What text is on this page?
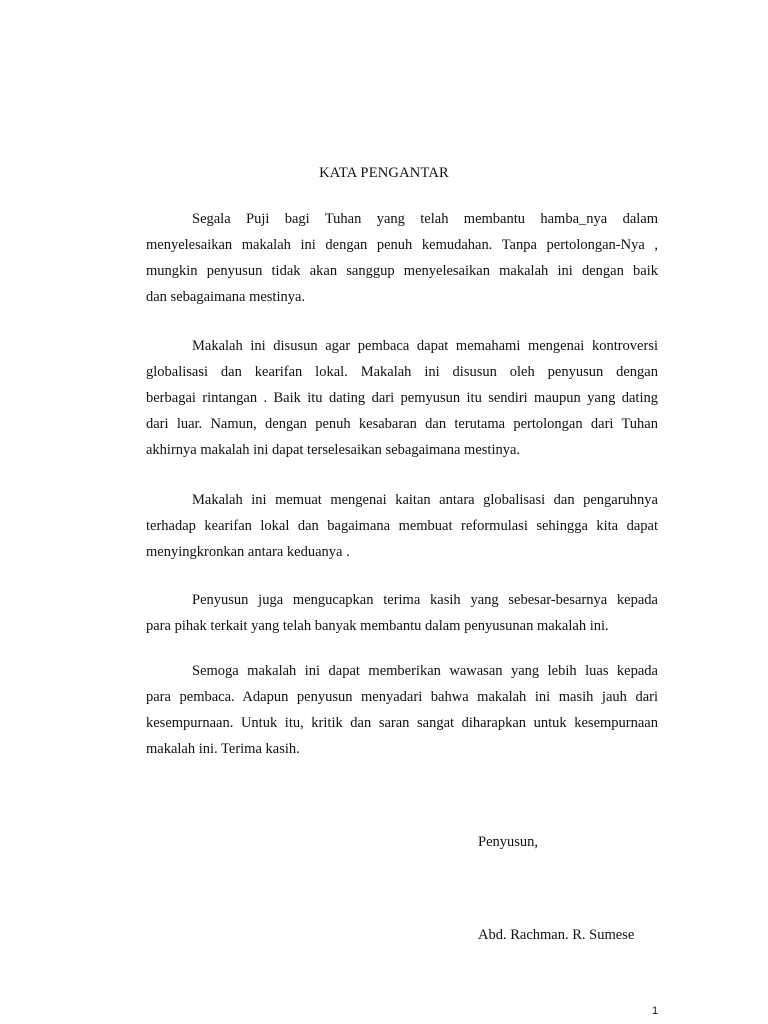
KATA PENGANTAR

Segala Puji bagi Tuhan yang telah membantu hamba_nya dalam
menyelesaikan makalah ini dengan penuh kemudahan. Tanpa pertolongan-Nya ,
mungkin penyusun tidak akan sanggup menyelesaikan makalah ini dengan baik
dan sebagaimana mestinya.

Makalah ini disusun agar pembaca dapat memahami mengenai kontroversi
globalisasi dan kearifan lokal. Makalah ini disusun oleh penyusun dengan
berbagai rintangan . Baik itu dating dari pemyusun itu sendiri maupun yang dating
dari luar. Namun, dengan penuh kesabaran dan terutama pertolongan dari Tuhan
akhirnya makalah ini dapat terselesaikan sebagaimana mestinya.

Makalah ini memuat mengenai kaitan antara globalisasi dan pengaruhnya
terhadap kearifan lokal dan bagaimana membuat reformulasi sehingga kita dapat
menyingkronkan antara keduanya .

Penyusun juga mengucapkan terima kasih yang sebesar-besarnya kepada
para pihak terkait yang telah banyak membantu dalam penyusunan makalah ini.

Semoga makalah ini dapat memberikan wawasan yang lebih luas kepada
para pembaca. Adapun penyusun menyadari bahwa makalah ini masih jauh dari
kesempurnaan. Untuk itu, kritik dan saran sangat diharapkan untuk kesempurnaan
makalah ini. Terima kasih.

Penyusun,
Abd. Rachman. R. Sumese
1
